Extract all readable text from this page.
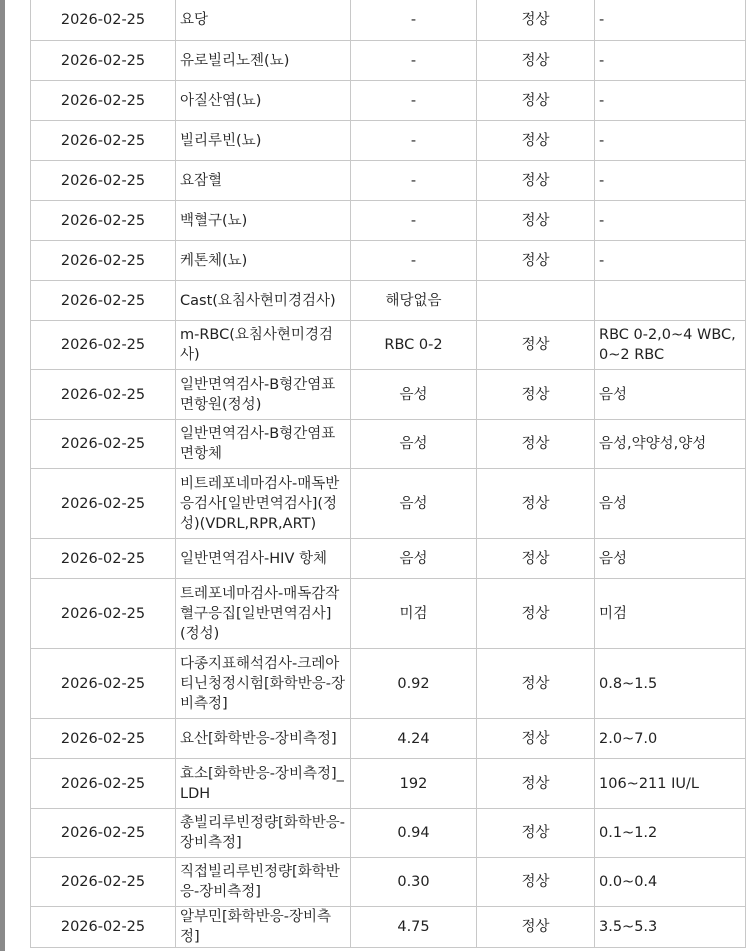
2026-02-25	요당	-	정상	-
2026-02-25	유로빌리노젠(뇨)	-	정상	-
2026-02-25	아질산염(뇨)	-	정상	-
2026-02-25	빌리루빈(뇨)	-	정상	-
2026-02-25	요잠혈	-	정상	-
2026-02-25	백혈구(뇨)	-	정상	-
2026-02-25	케톤체(뇨)	-	정상	-
2026-02-25	Cast(요침사현미경검사)	해당없음		
2026-02-25	m-RBC(요침사현미경검사)	RBC 0-2	정상	RBC 0-2,0~4 WBC, 0~2 RBC
2026-02-25	일반면역검사-B형간염표면항원(정성)	음성	정상	음성
2026-02-25	일반면역검사-B형간염표면항체	음성	정상	음성,약양성,양성
2026-02-25	비트레포네마검사-매독반응검사[일반면역검사](정성)(VDRL,RPR,ART)	음성	정상	음성
2026-02-25	일반면역검사-HIV 항체	음성	정상	음성
2026-02-25	트레포네마검사-매독감작혈구응집[일반면역검사](정성)	미검	정상	미검
2026-02-25	다종지표해석검사-크레아티닌청정시험[화학반응-장비측정]	0.92	정상	0.8~1.5
2026-02-25	요산[화학반응-장비측정]	4.24	정상	2.0~7.0
2026-02-25	효소[화학반응-장비측정]_LDH	192	정상	106~211 IU/L
2026-02-25	총빌리루빈정량[화학반응-장비측정]	0.94	정상	0.1~1.2
2026-02-25	직접빌리루빈정량[화학반응-장비측정]	0.30	정상	0.0~0.4
2026-02-25	알부민[화학반응-장비측정]	4.75	정상	3.5~5.3
